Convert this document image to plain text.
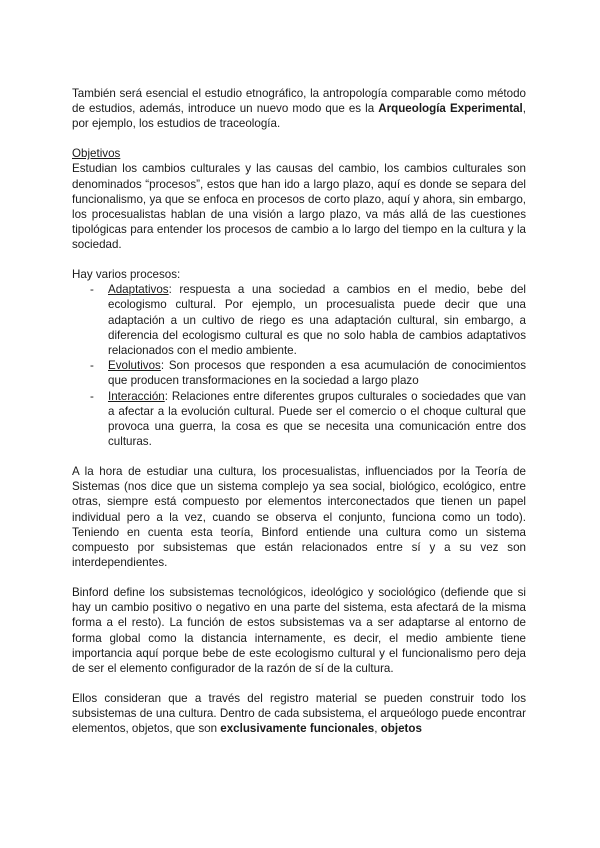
También será esencial el estudio etnográfico, la antropología comparable como método de estudios, además, introduce un nuevo modo que es la Arqueología Experimental, por ejemplo, los estudios de traceología.

Objetivos

Estudian los cambios culturales y las causas del cambio, los cambios culturales son denominados “procesos”, estos que han ido a largo plazo, aquí es donde se separa del funcionalismo, ya que se enfoca en procesos de corto plazo, aquí y ahora, sin embargo, los procesualistas hablan de una visión a largo plazo, va más allá de las cuestiones tipológicas para entender los procesos de cambio a lo largo del tiempo en la cultura y la sociedad.

Hay varios procesos:

- Adaptativos: respuesta a una sociedad a cambios en el medio, bebe del ecologismo cultural. Por ejemplo, un procesualista puede decir que una adaptación a un cultivo de riego es una adaptación cultural, sin embargo, a diferencia del ecologismo cultural es que no solo habla de cambios adaptativos relacionados con el medio ambiente.
- Evolutivos: Son procesos que responden a esa acumulación de conocimientos que producen transformaciones en la sociedad a largo plazo
- Interacción: Relaciones entre diferentes grupos culturales o sociedades que van a afectar a la evolución cultural. Puede ser el comercio o el choque cultural que provoca una guerra, la cosa es que se necesita una comunicación entre dos culturas.

A la hora de estudiar una cultura, los procesualistas, influenciados por la Teoría de Sistemas (nos dice que un sistema complejo ya sea social, biológico, ecológico, entre otras, siempre está compuesto por elementos interconectados que tienen un papel individual pero a la vez, cuando se observa el conjunto, funciona como un todo). Teniendo en cuenta esta teoría, Binford entiende una cultura como un sistema compuesto por subsistemas que están relacionados entre sí y a su vez son interdependientes.

Binford define los subsistemas tecnológicos, ideológico y sociológico (defiende que si hay un cambio positivo o negativo en una parte del sistema, esta afectará de la misma forma a el resto). La función de estos subsistemas va a ser adaptarse al entorno de forma global como la distancia internamente, es decir, el medio ambiente tiene importancia aquí porque bebe de este ecologismo cultural y el funcionalismo pero deja de ser el elemento configurador de la razón de sí de la cultura.

Ellos consideran que a través del registro material se pueden construir todo los subsistemas de una cultura. Dentro de cada subsistema, el arqueólogo puede encontrar elementos, objetos, que son exclusivamente funcionales, objetos
